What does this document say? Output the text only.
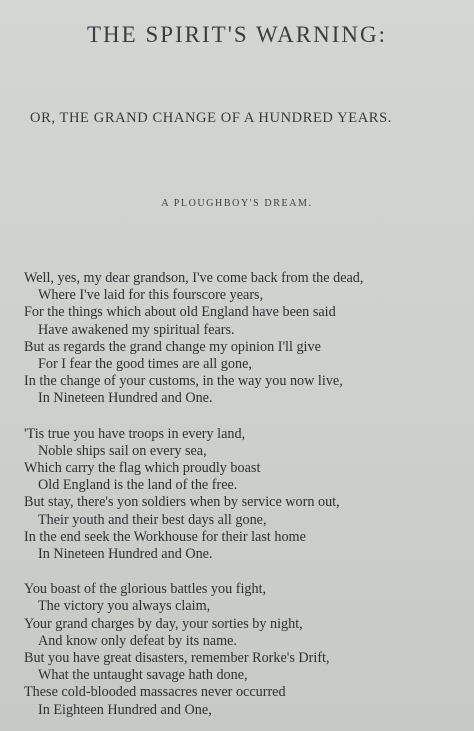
THE SPIRIT'S WARNING:
OR, THE GRAND CHANGE OF A HUNDRED YEARS.
A PLOUGHBOY'S DREAM.
Well, yes, my dear grandson, I've come back from the dead,
Where I've laid for this fourscore years,
For the things which about old England have been said
Have awakened my spiritual fears.
But as regards the grand change my opinion I'll give
For I fear the good times are all gone,
In the change of your customs, in the way you now live,
In Nineteen Hundred and One.
'Tis true you have troops in every land,
Noble ships sail on every sea,
Which carry the flag which proudly boast
Old England is the land of the free.
But stay, there's yon soldiers when by service worn out,
Their youth and their best days all gone,
In the end seek the Workhouse for their last home
In Nineteen Hundred and One.
You boast of the glorious battles you fight,
The victory you always claim,
Your grand charges by day, your sorties by night,
And know only defeat by its name.
But you have great disasters, remember Rorke's Drift,
What the untaught savage hath done,
These cold-blooded massacres never occurred
In Eighteen Hundred and One,
